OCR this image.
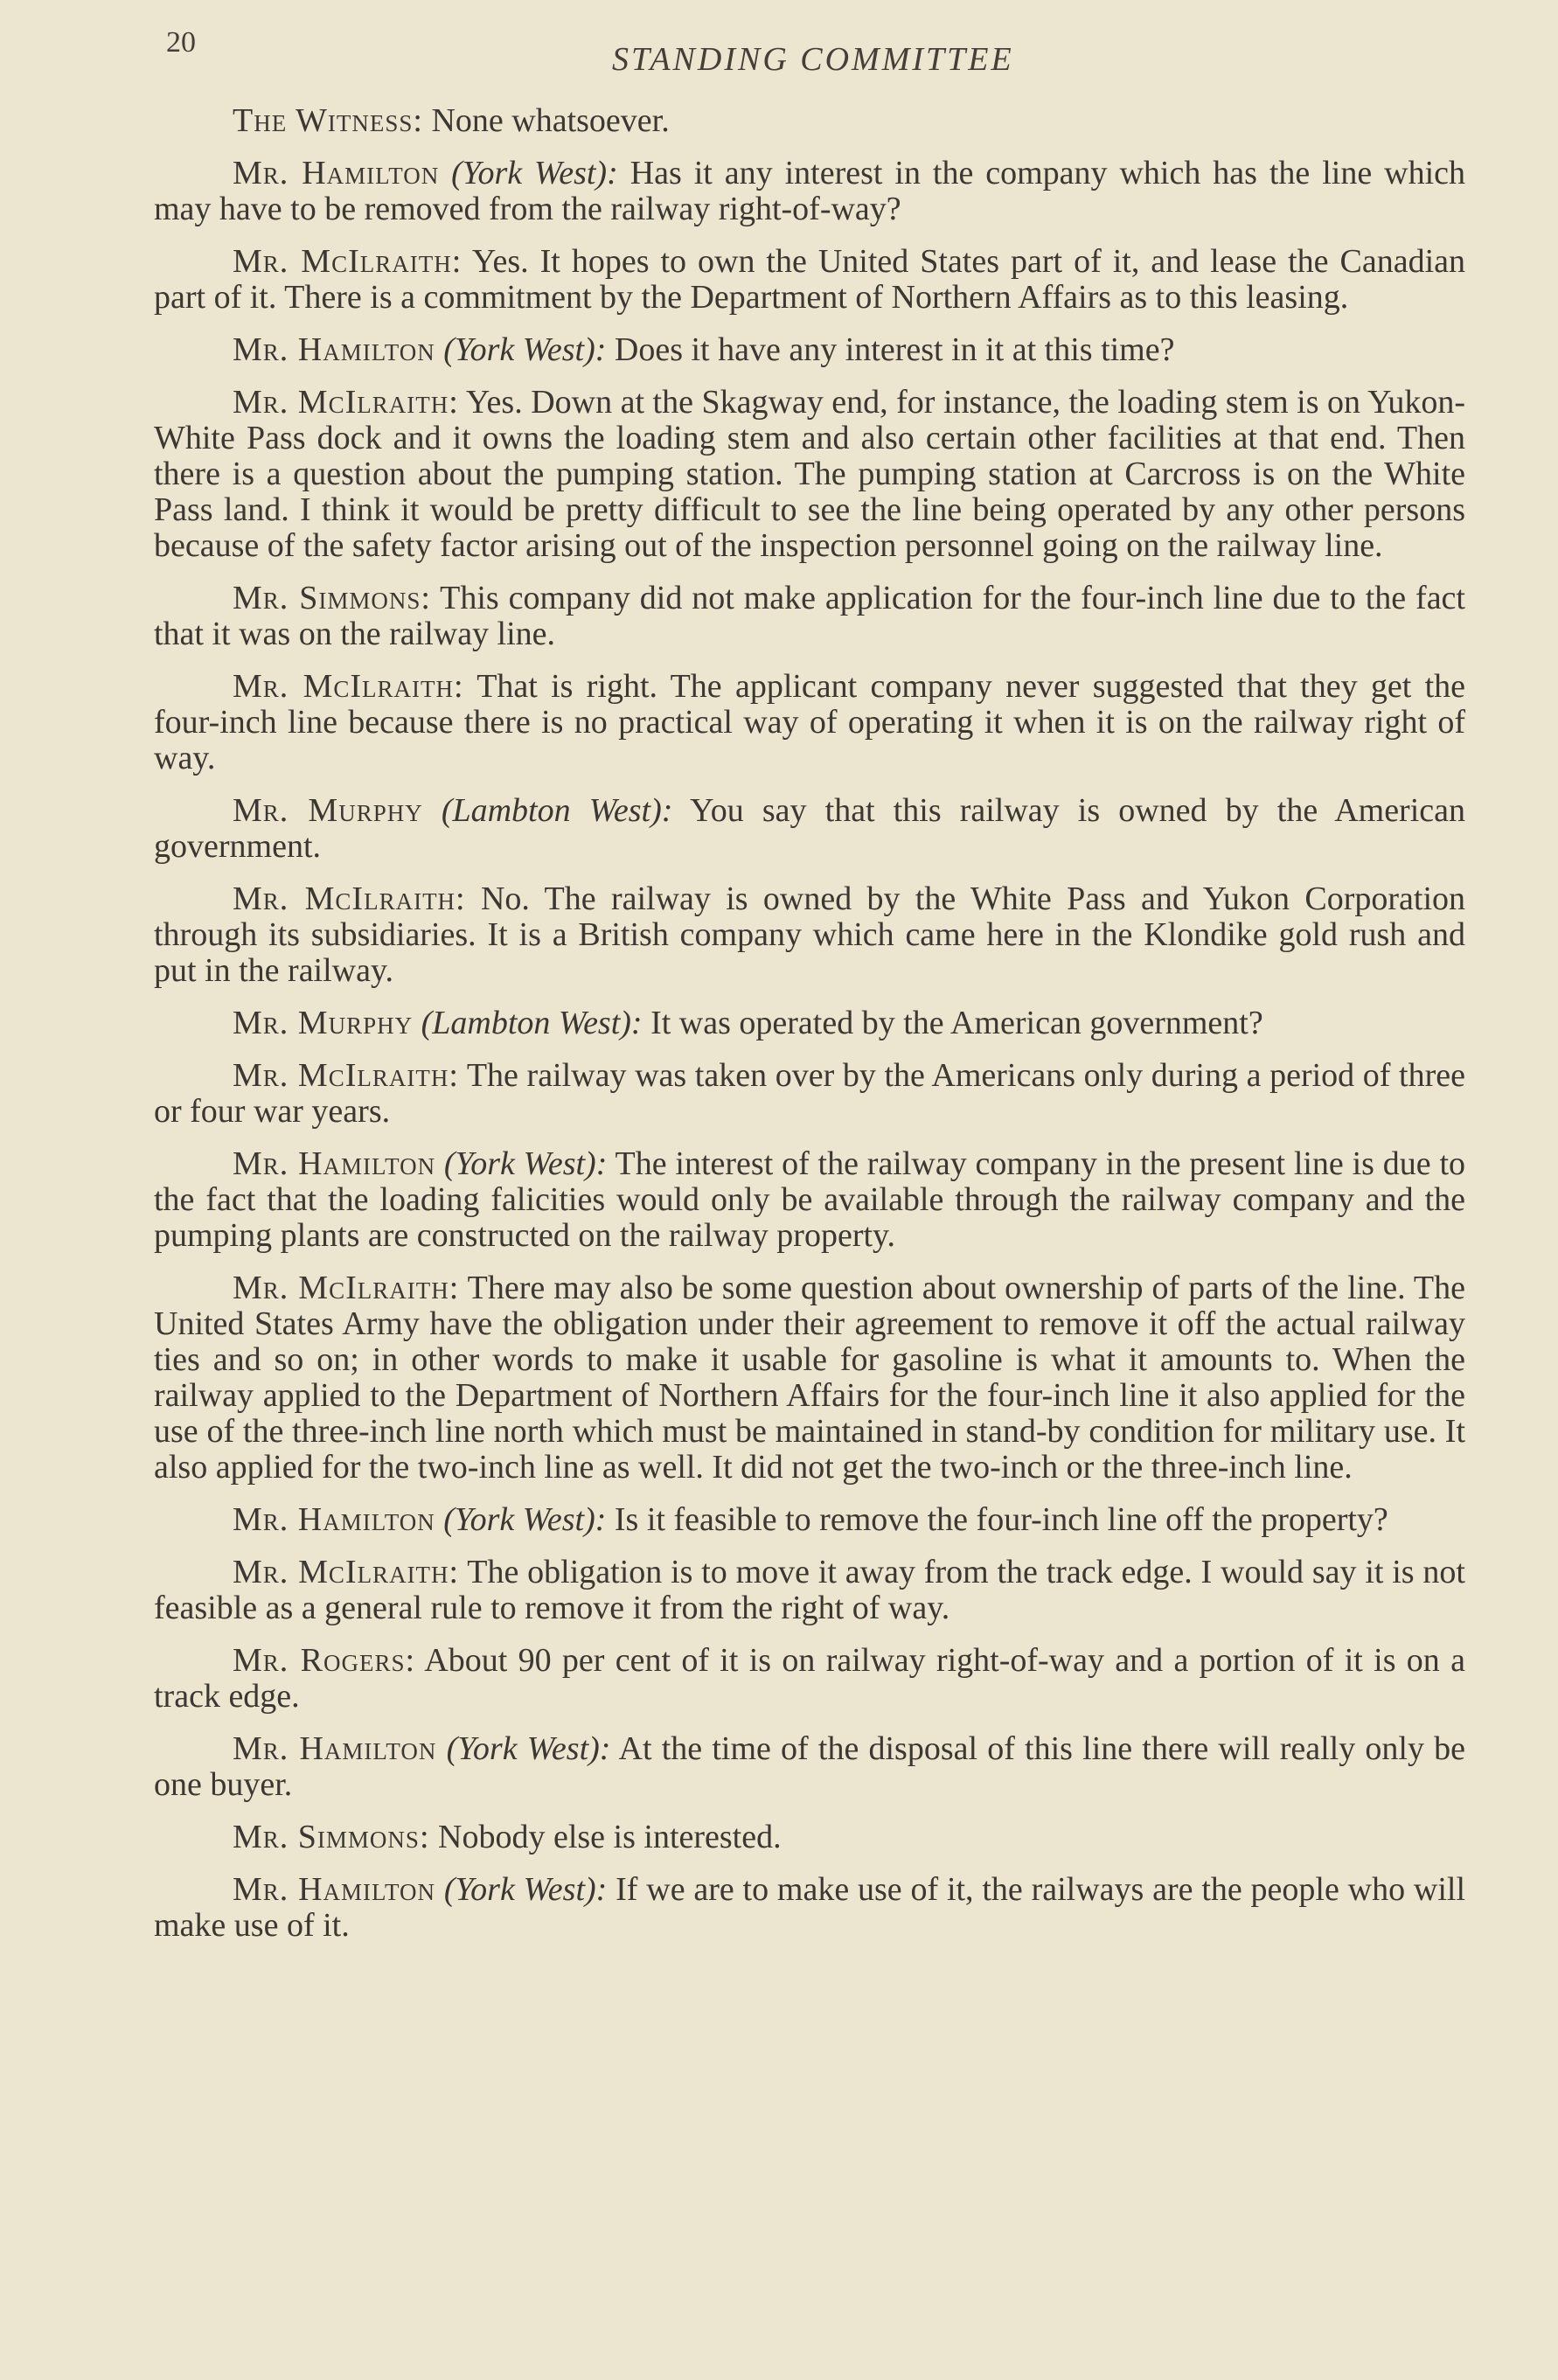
20	STANDING COMMITTEE

The Witness: None whatsoever.

Mr. Hamilton (York West): Has it any interest in the company which has the line which may have to be removed from the railway right-of-way?

Mr. McIlraith: Yes. It hopes to own the United States part of it, and lease the Canadian part of it. There is a commitment by the Department of Northern Affairs as to this leasing.

Mr. Hamilton (York West): Does it have any interest in it at this time?

Mr. McIlraith: Yes. Down at the Skagway end, for instance, the loading stem is on Yukon-White Pass dock and it owns the loading stem and also certain other facilities at that end. Then there is a question about the pumping station. The pumping station at Carcross is on the White Pass land. I think it would be pretty difficult to see the line being operated by any other persons because of the safety factor arising out of the inspection personnel going on the railway line.

Mr. Simmons: This company did not make application for the four-inch line due to the fact that it was on the railway line.

Mr. McIlraith: That is right. The applicant company never suggested that they get the four-inch line because there is no practical way of operating it when it is on the railway right of way.

Mr. Murphy (Lambton West): You say that this railway is owned by the American government.

Mr. McIlraith: No. The railway is owned by the White Pass and Yukon Corporation through its subsidiaries. It is a British company which came here in the Klondike gold rush and put in the railway.

Mr. Murphy (Lambton West): It was operated by the American government?

Mr. McIlraith: The railway was taken over by the Americans only during a period of three or four war years.

Mr. Hamilton (York West): The interest of the railway company in the present line is due to the fact that the loading falicities would only be available through the railway company and the pumping plants are constructed on the railway property.

Mr. McIlraith: There may also be some question about ownership of parts of the line. The United States Army have the obligation under their agreement to remove it off the actual railway ties and so on; in other words to make it usable for gasoline is what it amounts to. When the railway applied to the Department of Northern Affairs for the four-inch line it also applied for the use of the three-inch line north which must be maintained in stand-by condition for military use. It also applied for the two-inch line as well. It did not get the two-inch or the three-inch line.

Mr. Hamilton (York West): Is it feasible to remove the four-inch line off the property?

Mr. McIlraith: The obligation is to move it away from the track edge. I would say it is not feasible as a general rule to remove it from the right of way.

Mr. Rogers: About 90 per cent of it is on railway right-of-way and a portion of it is on a track edge.

Mr. Hamilton (York West): At the time of the disposal of this line there will really only be one buyer.

Mr. Simmons: Nobody else is interested.

Mr. Hamilton (York West): If we are to make use of it, the railways are the people who will make use of it.
